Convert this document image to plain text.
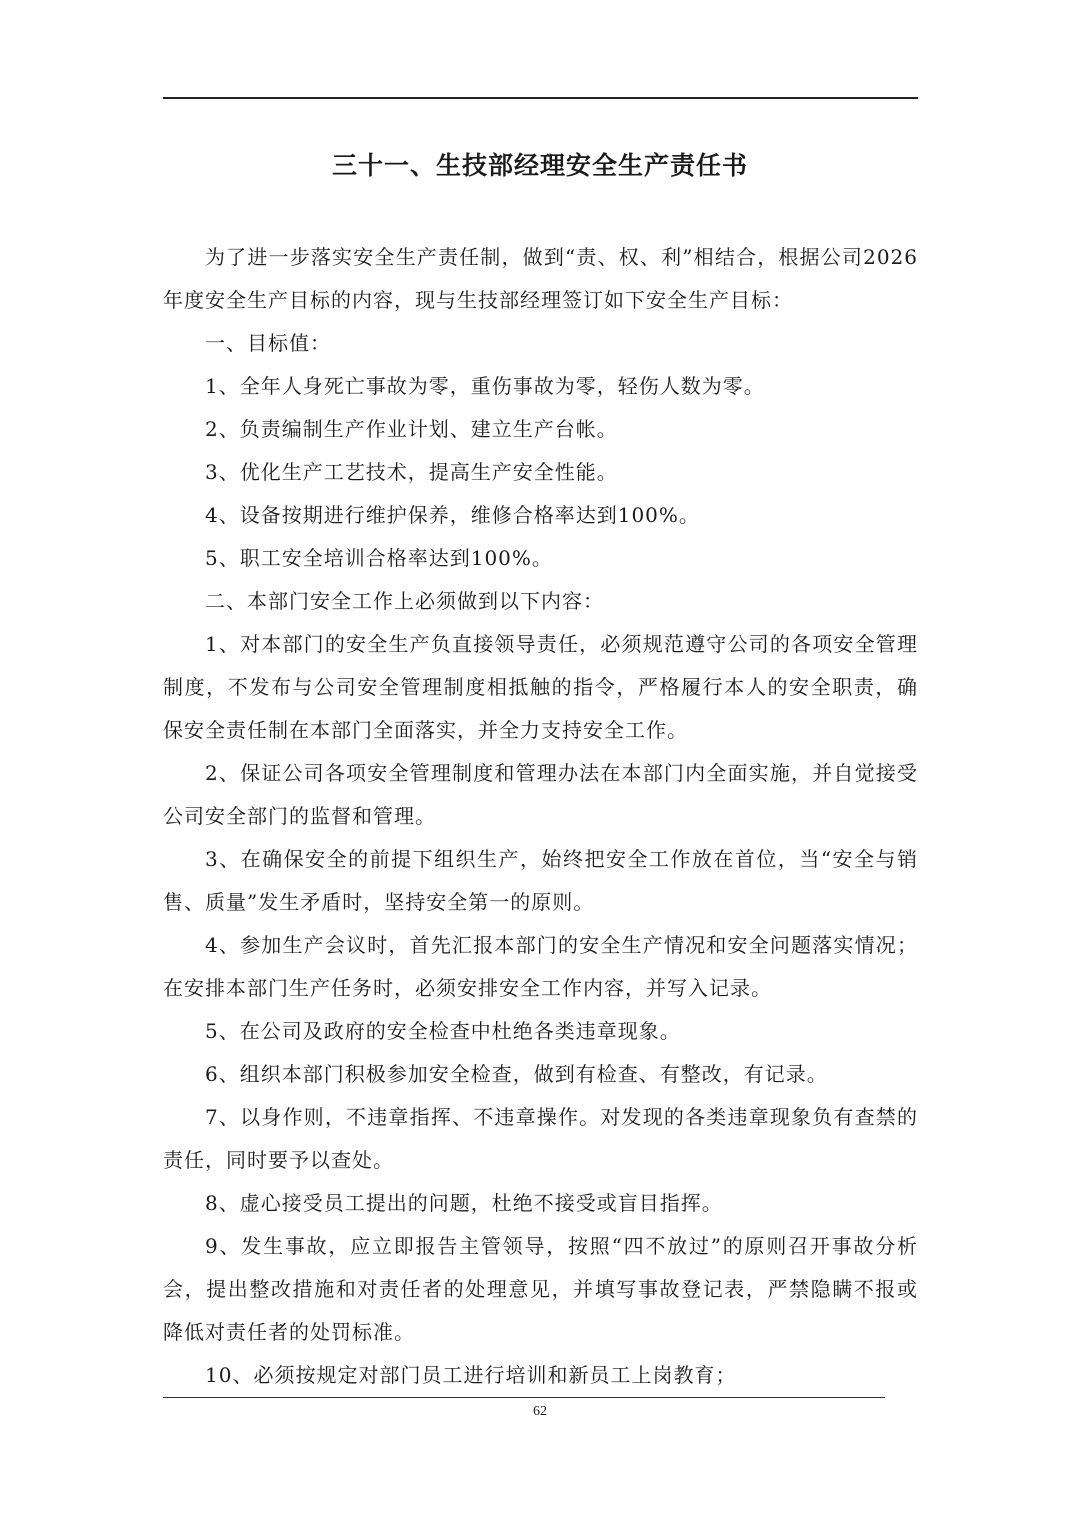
三十一、生技部经理安全生产责任书

为了进一步落实安全生产责任制，做到“责、权、利”相结合，根据公司2026年度安全生产目标的内容，现与生技部经理签订如下安全生产目标：

一、目标值：

1、全年人身死亡事故为零，重伤事故为零，轻伤人数为零。

2、负责编制生产作业计划、建立生产台帐。

3、优化生产工艺技术，提高生产安全性能。

4、设备按期进行维护保养，维修合格率达到100%。

5、职工安全培训合格率达到100%。

二、本部门安全工作上必须做到以下内容：

1、对本部门的安全生产负直接领导责任，必须规范遵守公司的各项安全管理制度，不发布与公司安全管理制度相抵触的指令，严格履行本人的安全职责，确保安全责任制在本部门全面落实，并全力支持安全工作。

2、保证公司各项安全管理制度和管理办法在本部门内全面实施，并自觉接受公司安全部门的监督和管理。

3、在确保安全的前提下组织生产，始终把安全工作放在首位，当“安全与销售、质量”发生矛盾时，坚持安全第一的原则。

4、参加生产会议时，首先汇报本部门的安全生产情况和安全问题落实情况；在安排本部门生产任务时，必须安排安全工作内容，并写入记录。

5、在公司及政府的安全检查中杜绝各类违章现象。

6、组织本部门积极参加安全检查，做到有检查、有整改，有记录。

7、以身作则，不违章指挥、不违章操作。对发现的各类违章现象负有查禁的责任，同时要予以查处。

8、虚心接受员工提出的问题，杜绝不接受或盲目指挥。

9、发生事故，应立即报告主管领导，按照“四不放过”的原则召开事故分析会，提出整改措施和对责任者的处理意见，并填写事故登记表，严禁隐瞒不报或降低对责任者的处罚标准。

10、必须按规定对部门员工进行培训和新员工上岗教育；

62
